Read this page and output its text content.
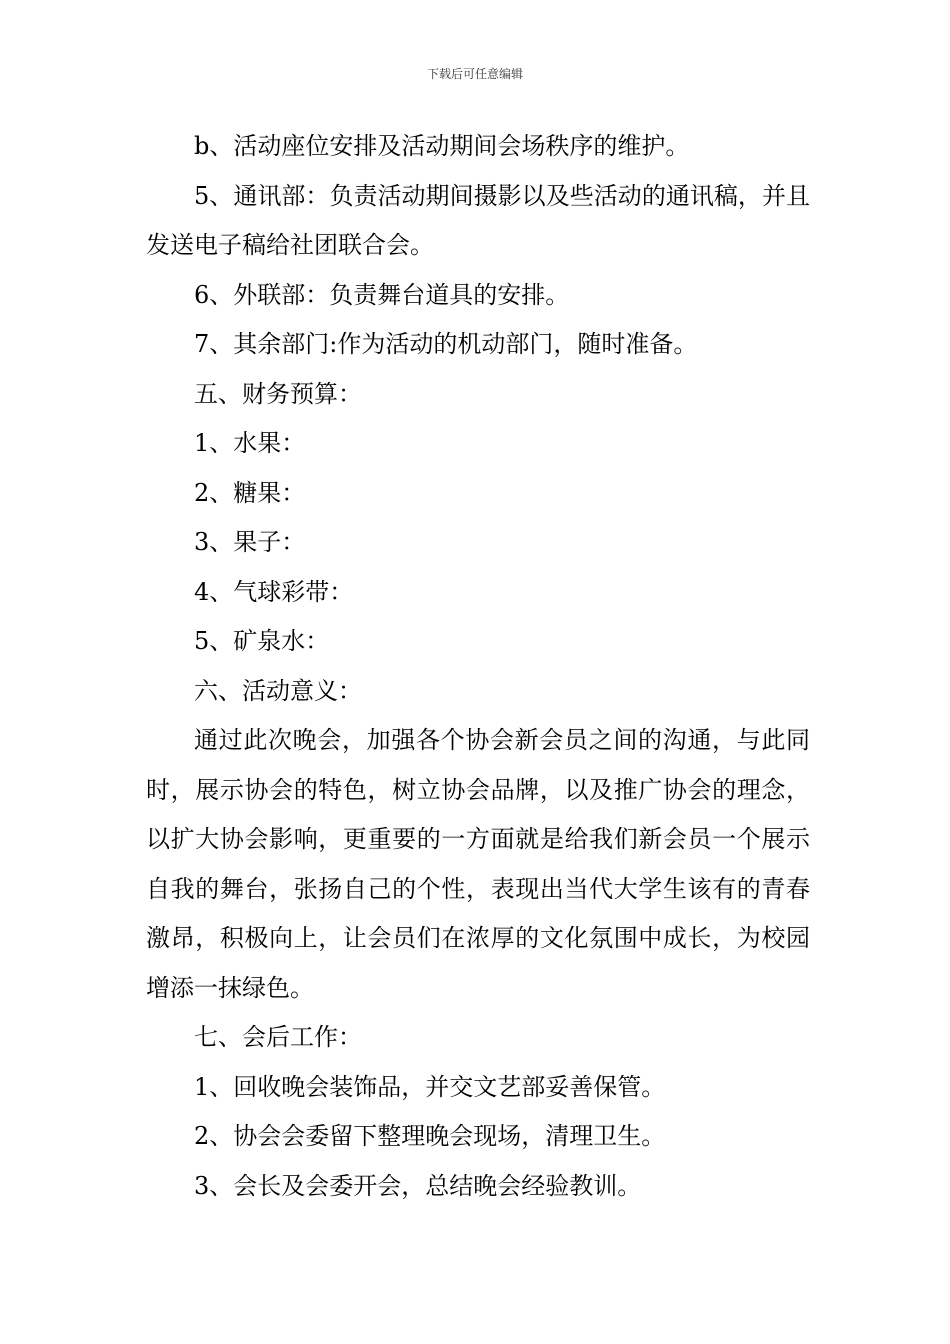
下载后可任意编辑

b、活动座位安排及活动期间会场秩序的维护。

5、通讯部：负责活动期间摄影以及些活动的通讯稿，并且发送电子稿给社团联合会。

6、外联部：负责舞台道具的安排。

7、其余部门:作为活动的机动部门，随时准备。

五、财务预算：

1、水果：

2、糖果：

3、果子：

4、气球彩带：

5、矿泉水：

六、活动意义：

通过此次晚会，加强各个协会新会员之间的沟通，与此同时，展示协会的特色，树立协会品牌，以及推广协会的理念，以扩大协会影响，更重要的一方面就是给我们新会员一个展示自我的舞台，张扬自己的个性，表现出当代大学生该有的青春激昂，积极向上，让会员们在浓厚的文化氛围中成长，为校园增添一抹绿色。

七、会后工作：

1、回收晚会装饰品，并交文艺部妥善保管。

2、协会会委留下整理晚会现场，清理卫生。

3、会长及会委开会，总结晚会经验教训。
